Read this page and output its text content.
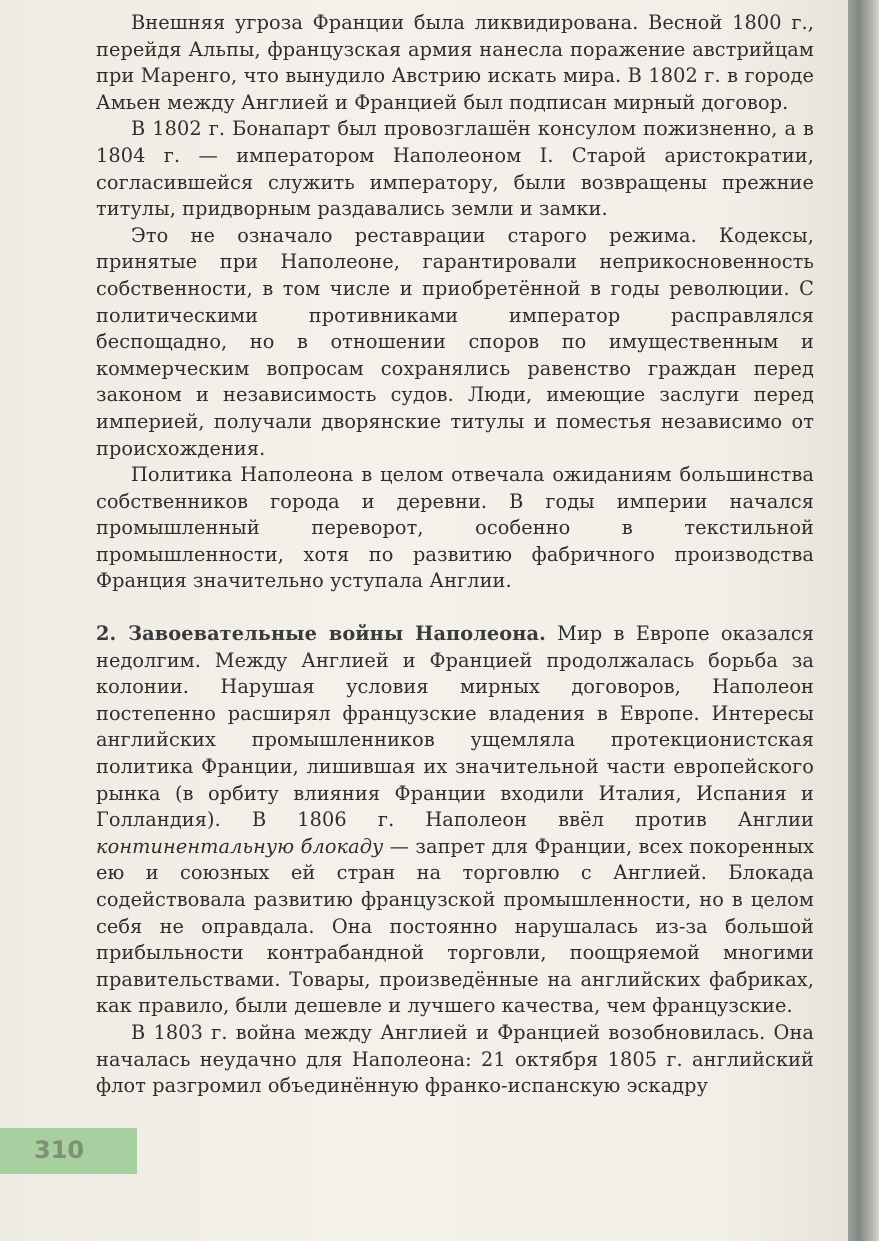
Внешняя угроза Франции была ликвидирована. Весной 1800 г., перейдя Альпы, французская армия нанесла поражение австрийцам при Маренго, что вынудило Австрию искать мира. В 1802 г. в городе Амьен между Англией и Францией был подписан мирный договор.

В 1802 г. Бонапарт был провозглашён консулом пожизненно, а в 1804 г. — императором Наполеоном I. Старой аристократии, согласившейся служить императору, были возвращены прежние титулы, придворным раздавались земли и замки.

Это не означало реставрации старого режима. Кодексы, принятые при Наполеоне, гарантировали неприкосновенность собственности, в том числе и приобретённой в годы революции. С политическими противниками император расправлялся беспощадно, но в отношении споров по имущественным и коммерческим вопросам сохранялись равенство граждан перед законом и независимость судов. Люди, имеющие заслуги перед империей, получали дворянские титулы и поместья независимо от происхождения.

Политика Наполеона в целом отвечала ожиданиям большинства собственников города и деревни. В годы империи начался промышленный переворот, особенно в текстильной промышленности, хотя по развитию фабричного производства Франция значительно уступала Англии.

2. Завоевательные войны Наполеона. Мир в Европе оказался недолгим. Между Англией и Францией продолжалась борьба за колонии. Нарушая условия мирных договоров, Наполеон постепенно расширял французские владения в Европе. Интересы английских промышленников ущемляла протекционистская политика Франции, лишившая их значительной части европейского рынка (в орбиту влияния Франции входили Италия, Испания и Голландия). В 1806 г. Наполеон ввёл против Англии континентальную блокаду — запрет для Франции, всех покоренных ею и союзных ей стран на торговлю с Англией. Блокада содействовала развитию французской промышленности, но в целом себя не оправдала. Она постоянно нарушалась из-за большой прибыльности контрабандной торговли, поощряемой многими правительствами. Товары, произведённые на английских фабриках, как правило, были дешевле и лучшего качества, чем французские.

В 1803 г. война между Англией и Францией возобновилась. Она началась неудачно для Наполеона: 21 октября 1805 г. английский флот разгромил объединённую франко-испанскую эскадру

310
